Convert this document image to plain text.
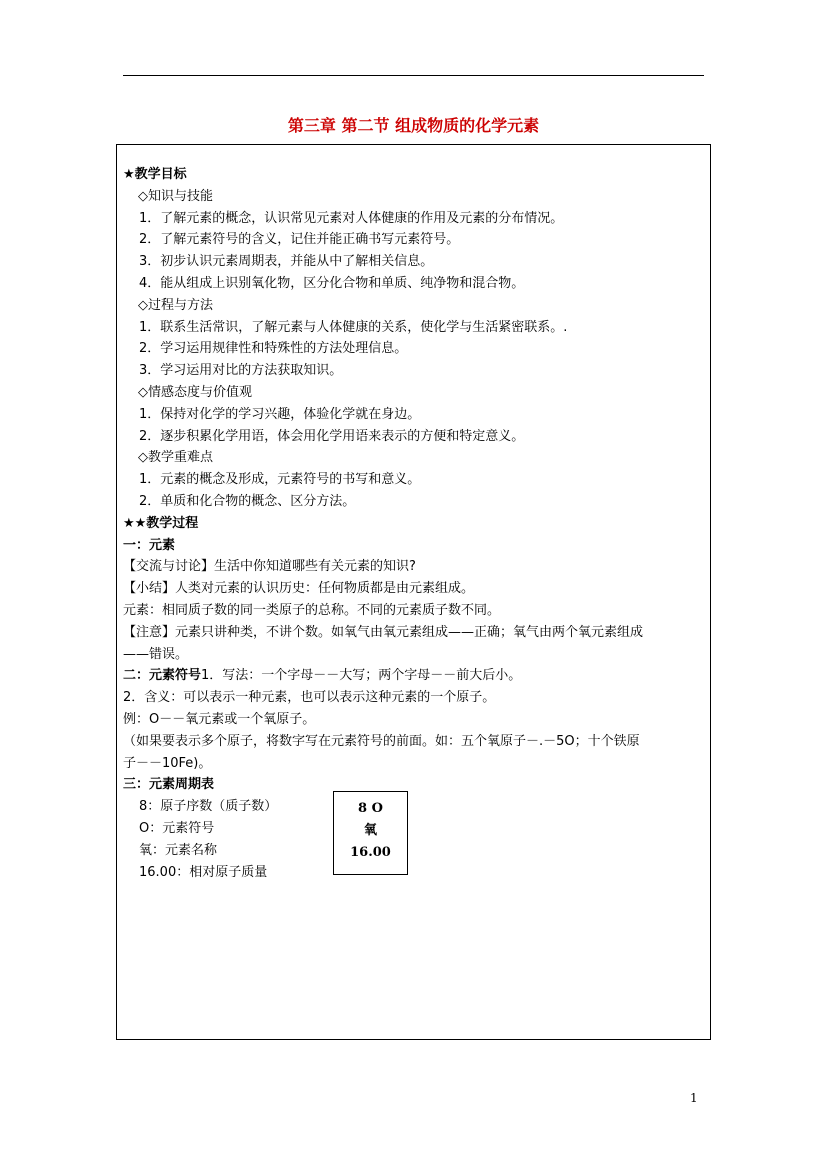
第三章 第二节 组成物质的化学元素
★教学目标
◇知识与技能
1．了解元素的概念，认识常见元素对人体健康的作用及元素的分布情况。
2．了解元素符号的含义，记住并能正确书写元素符号。
3．初步认识元素周期表，并能从中了解相关信息。
4．能从组成上识别氧化物，区分化合物和单质、纯净物和混合物。
◇过程与方法
1．联系生活常识，了解元素与人体健康的关系，使化学与生活紧密联系。.
2．学习运用规律性和特殊性的方法处理信息。
3．学习运用对比的方法获取知识。
◇情感态度与价值观
1．保持对化学的学习兴趣，体验化学就在身边。
2．逐步积累化学用语，体会用化学用语来表示的方便和特定意义。
◇教学重难点
1．元素的概念及形成，元素符号的书写和意义。
2．单质和化合物的概念、区分方法。
★★教学过程
一：元素
【交流与讨论】生活中你知道哪些有关元素的知识?
【小结】人类对元素的认识历史：任何物质都是由元素组成。
元素：相同质子数的同一类原子的总称。不同的元素质子数不同。
【注意】元素只讲种类，不讲个数。如氧气由氧元素组成——正确；氧气由两个氧元素组成
——错误。
二：元素符号1．写法：一个字母－－大写；两个字母－－前大后小。
2．含义：可以表示一种元素，也可以表示这种元素的一个原子。
例：O－－氧元素或一个氧原子。
（如果要表示多个原子，将数字写在元素符号的前面。如：五个氧原子－.－5O；十个铁原
子－－10Fe)。
三：元素周期表
8：原子序数（质子数）
O：元素符号
氧：元素名称
16.00：相对原子质量
8 O
氧
16.00
1
